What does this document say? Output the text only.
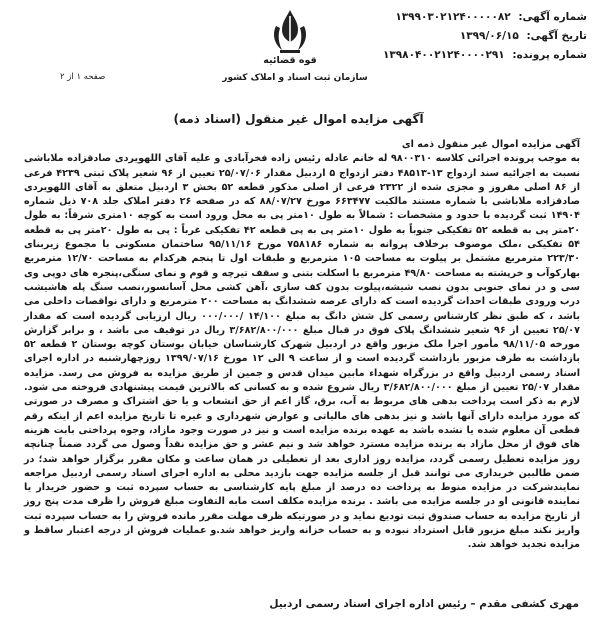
شماره آگهی: ۱۳۹۹۰۳۰۲۱۲۴۰۰۰۰۰۸۲
تاریخ آگهی: ۱۳۹۹/۰۶/۱۵
شماره پرونده: ۱۳۹۸۰۴۰۰۲۱۲۴۰۰۰۰۲۹۱
قوه قضائیه
سازمان ثبت اسناد و املاک کشور
صفحه ۱ از ۲
آگهی مزایده اموال غیر منقول (اسناد ذمه)

آگهی مزایده اموال غیر منقول ذمه ای

به موجب پرونده اجرائی کلاسه ۹۸۰۰۳۱۰ له خانم عادله رئیس زاده فخرآبادی و علیه آقای اللهویردی صادقزاده ملاباشی نسبت به اجرائیه سند ازدواج ۱۳-۴۸۵۱۳ دفتر ازدواج ۵ اردبیل مقدار ۲۵/۰۷/۰۶ تعیین از ۹۶ شعیر پلاک ثبتی ۴۲۳۹ فرعی از ۸۶ اصلی مفروز و مجزی شده از ۲۳۲۲ فرعی از اصلی مذکور قطعه ۵۲ بخش ۳ اردبیل متعلق به آقای اللهویردی صادقزاده ملاباشی با شماره مستند مالکیت ۶۶۳۴۷۷ مورخ ۸۸/۰۷/۲۷ که در صفحه ۲۶ دفتر املاک جلد ۷۰۸ ذیل شماره ۱۴۹۰۴ ثبت گردیده با حدود و مشخصات : شمالاً به طول ۱۰متر پی به محل ورود است به کوچه ۱۰متری شرقاً: به طول ۲۰متر پی به قطعه ۵۲ تفکیکی جنوباً به طول ۱۰متر پی به پی قطعه ۴۲ تفکیکی غرباً : پی به طول ۲۰متر پی به قطعه ۵۴ تفکیکی ،ملک موصوف برخلاف پروانه به شماره ۷۵۸۱۸۶ مورخ ۹۵/۱۱/۱۶ ساختمان مسکونی با مجموع زیربنای ۲۲۳/۳۰ مترمربع مشتمل بر پیلوت به مساحت ۱۰۵ مترمربع و طبقات اول تا پنجم هرکدام به مساحت ۱۲/۷۰ مترمربع بهارکوآب و خرپشته به مساحت ۴۹/۸۰ مترمربع با اسکلت بتنی و سقف تیرچه و قوم و نمای سنگی،پنجره های دوپی وی سی و در نمای جنوبی بدون نصب شیشه،پیلوت بدون کف سازی ،آهن کشی محل آسانسور،نصب سنگ پله هاشیشب درب ورودی طبقات احداث گردیده است که دارای عرصه ششدانگ به مساحت ۲۰۰ مترمربع و دارای نواقصات داخلی می باشد ، که طبق نظر کارشناس رسمی کل شش دانگ به مبلغ ۱۴/۱۰۰ /۰۰۰/۰۰۰ ریال ارزیابی گردیده است که مقدار ۲۵/۰۷ تعیین از ۹۶ شعیر ششدانگ پلاک فوق در قبال مبلغ ۳/۶۸۲/۸۰۰/۰۰۰ ریال در توقیف می باشد ، و برابر گزارش مورخه ۹۸/۱۱/۰۵ مأمور اجرا ملک مزبور واقع در اردبیل شهرک کارشناسان خیابان بوستان کوچه بوستان ۲ قطعه ۵۲ بازداشت به طرف مزبور بازداشت گردیده است و از ساعت ۹ الی ۱۲ مورخ ۱۳۹۹/۰۷/۱۶ روزچهارشنبه در اداره اجرای اسناد رسمی اردبیل واقع در بزرگراه شهداء مابین میدان قدس و جمین از طریق مزایده به فروش می رسد. مزایده مقدار ۲۵/۰۷ تعیین از مبلغ ۳/۶۸۲/۸۰۰/۰۰۰ ریال شروع شده و به کسانی که بالاترین قیمت پیشنهادی فروخته می شود. لازم به ذکر است پرداخت بدهی های مربوط به آب، برق، گاز اعم از حق انشعاب و یا حق اشتراک و مصرف در صورتی که مورد مزایده دارای آنها باشد و نیز بدهی های مالیاتی و عوارض شهرداری و غیره تا تاریخ مزایده اعم از اینکه رقم قطعی آن معلوم شده یا نشده باشد به عهده برنده مزایده است و نیز در صورت وجود مازاد، وجوه پرداختی بابت هزینه های فوق از محل مازاد به برنده مزایده مسترد خواهد شد و نیم عشر و حق مزایده نقداً وصول می گردد ضمناً چنانچه روز مزایده تعطیل رسمی گردد، مزایده روز اداری بعد از تعطیلی در همان ساعت و مکان مقرر برگزار خواهد شد؛ در ضمن طالبین خریداری می توانند قبل از جلسه مزایده جهت بازدید محلی به اداره اجرای اسناد رسمی اردبیل مراجعه نمایندشرکت در مزایده منوط به پرداخت ده درصد از مبلغ پایه کارشناسی به حساب سپرده ثبت و حضور خریدار یا نماینده قانونی او در جلسه مزایده می باشد . برنده مزایده مکلف است مابه التفاوت مبلغ فروش را ظرف مدت پنج روز از تاریخ مزایده به حساب صندوق ثبت تودیع نماید و در صورتیکه ظرف مهلت مقرر مانده فروش را به حساب سپرده ثبت واریز نکند مبلغ مزبور قابل استرداد نبوده و به حساب خزانه واریز خواهد شد.و عملیات فروش از درجه اعتبار ساقط و مزایده تجدید خواهد شد.

مهری کشفی مقدم – رئیس اداره اجرای اسناد رسمی اردبیل
